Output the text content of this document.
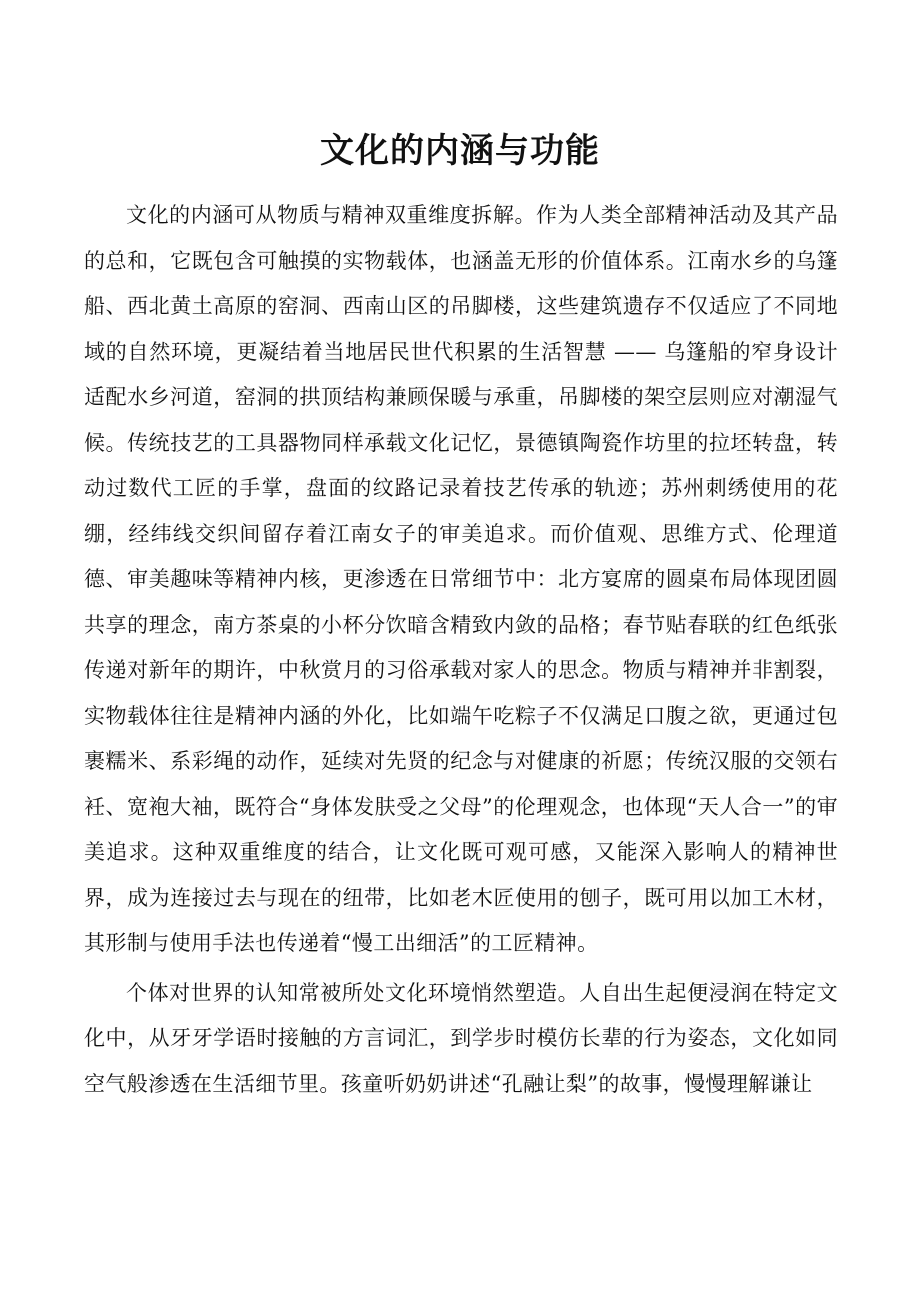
文化的内涵与功能

文化的内涵可从物质与精神双重维度拆解。作为人类全部精神活动及其产品的总和，它既包含可触摸的实物载体，也涵盖无形的价值体系。江南水乡的乌篷船、西北黄土高原的窑洞、西南山区的吊脚楼，这些建筑遗存不仅适应了不同地域的自然环境，更凝结着当地居民世代积累的生活智慧 —— 乌篷船的窄身设计适配水乡河道，窑洞的拱顶结构兼顾保暖与承重，吊脚楼的架空层则应对潮湿气候。传统技艺的工具器物同样承载文化记忆，景德镇陶瓷作坊里的拉坯转盘，转动过数代工匠的手掌，盘面的纹路记录着技艺传承的轨迹；苏州刺绣使用的花绷，经纬线交织间留存着江南女子的审美追求。而价值观、思维方式、伦理道德、审美趣味等精神内核，更渗透在日常细节中：北方宴席的圆桌布局体现团圆共享的理念，南方茶桌的小杯分饮暗含精致内敛的品格；春节贴春联的红色纸张传递对新年的期许，中秋赏月的习俗承载对家人的思念。物质与精神并非割裂，实物载体往往是精神内涵的外化，比如端午吃粽子不仅满足口腹之欲，更通过包裹糯米、系彩绳的动作，延续对先贤的纪念与对健康的祈愿；传统汉服的交领右衽、宽袍大袖，既符合“身体发肤受之父母”的伦理观念，也体现“天人合一”的审美追求。这种双重维度的结合，让文化既可观可感，又能深入影响人的精神世界，成为连接过去与现在的纽带，比如老木匠使用的刨子，既可用以加工木材，其形制与使用手法也传递着“慢工出细活”的工匠精神。

个体对世界的认知常被所处文化环境悄然塑造。人自出生起便浸润在特定文化中，从牙牙学语时接触的方言词汇，到学步时模仿长辈的行为姿态，文化如同空气般渗透在生活细节里。孩童听奶奶讲述“孔融让梨”的故事，慢慢理解谦让
